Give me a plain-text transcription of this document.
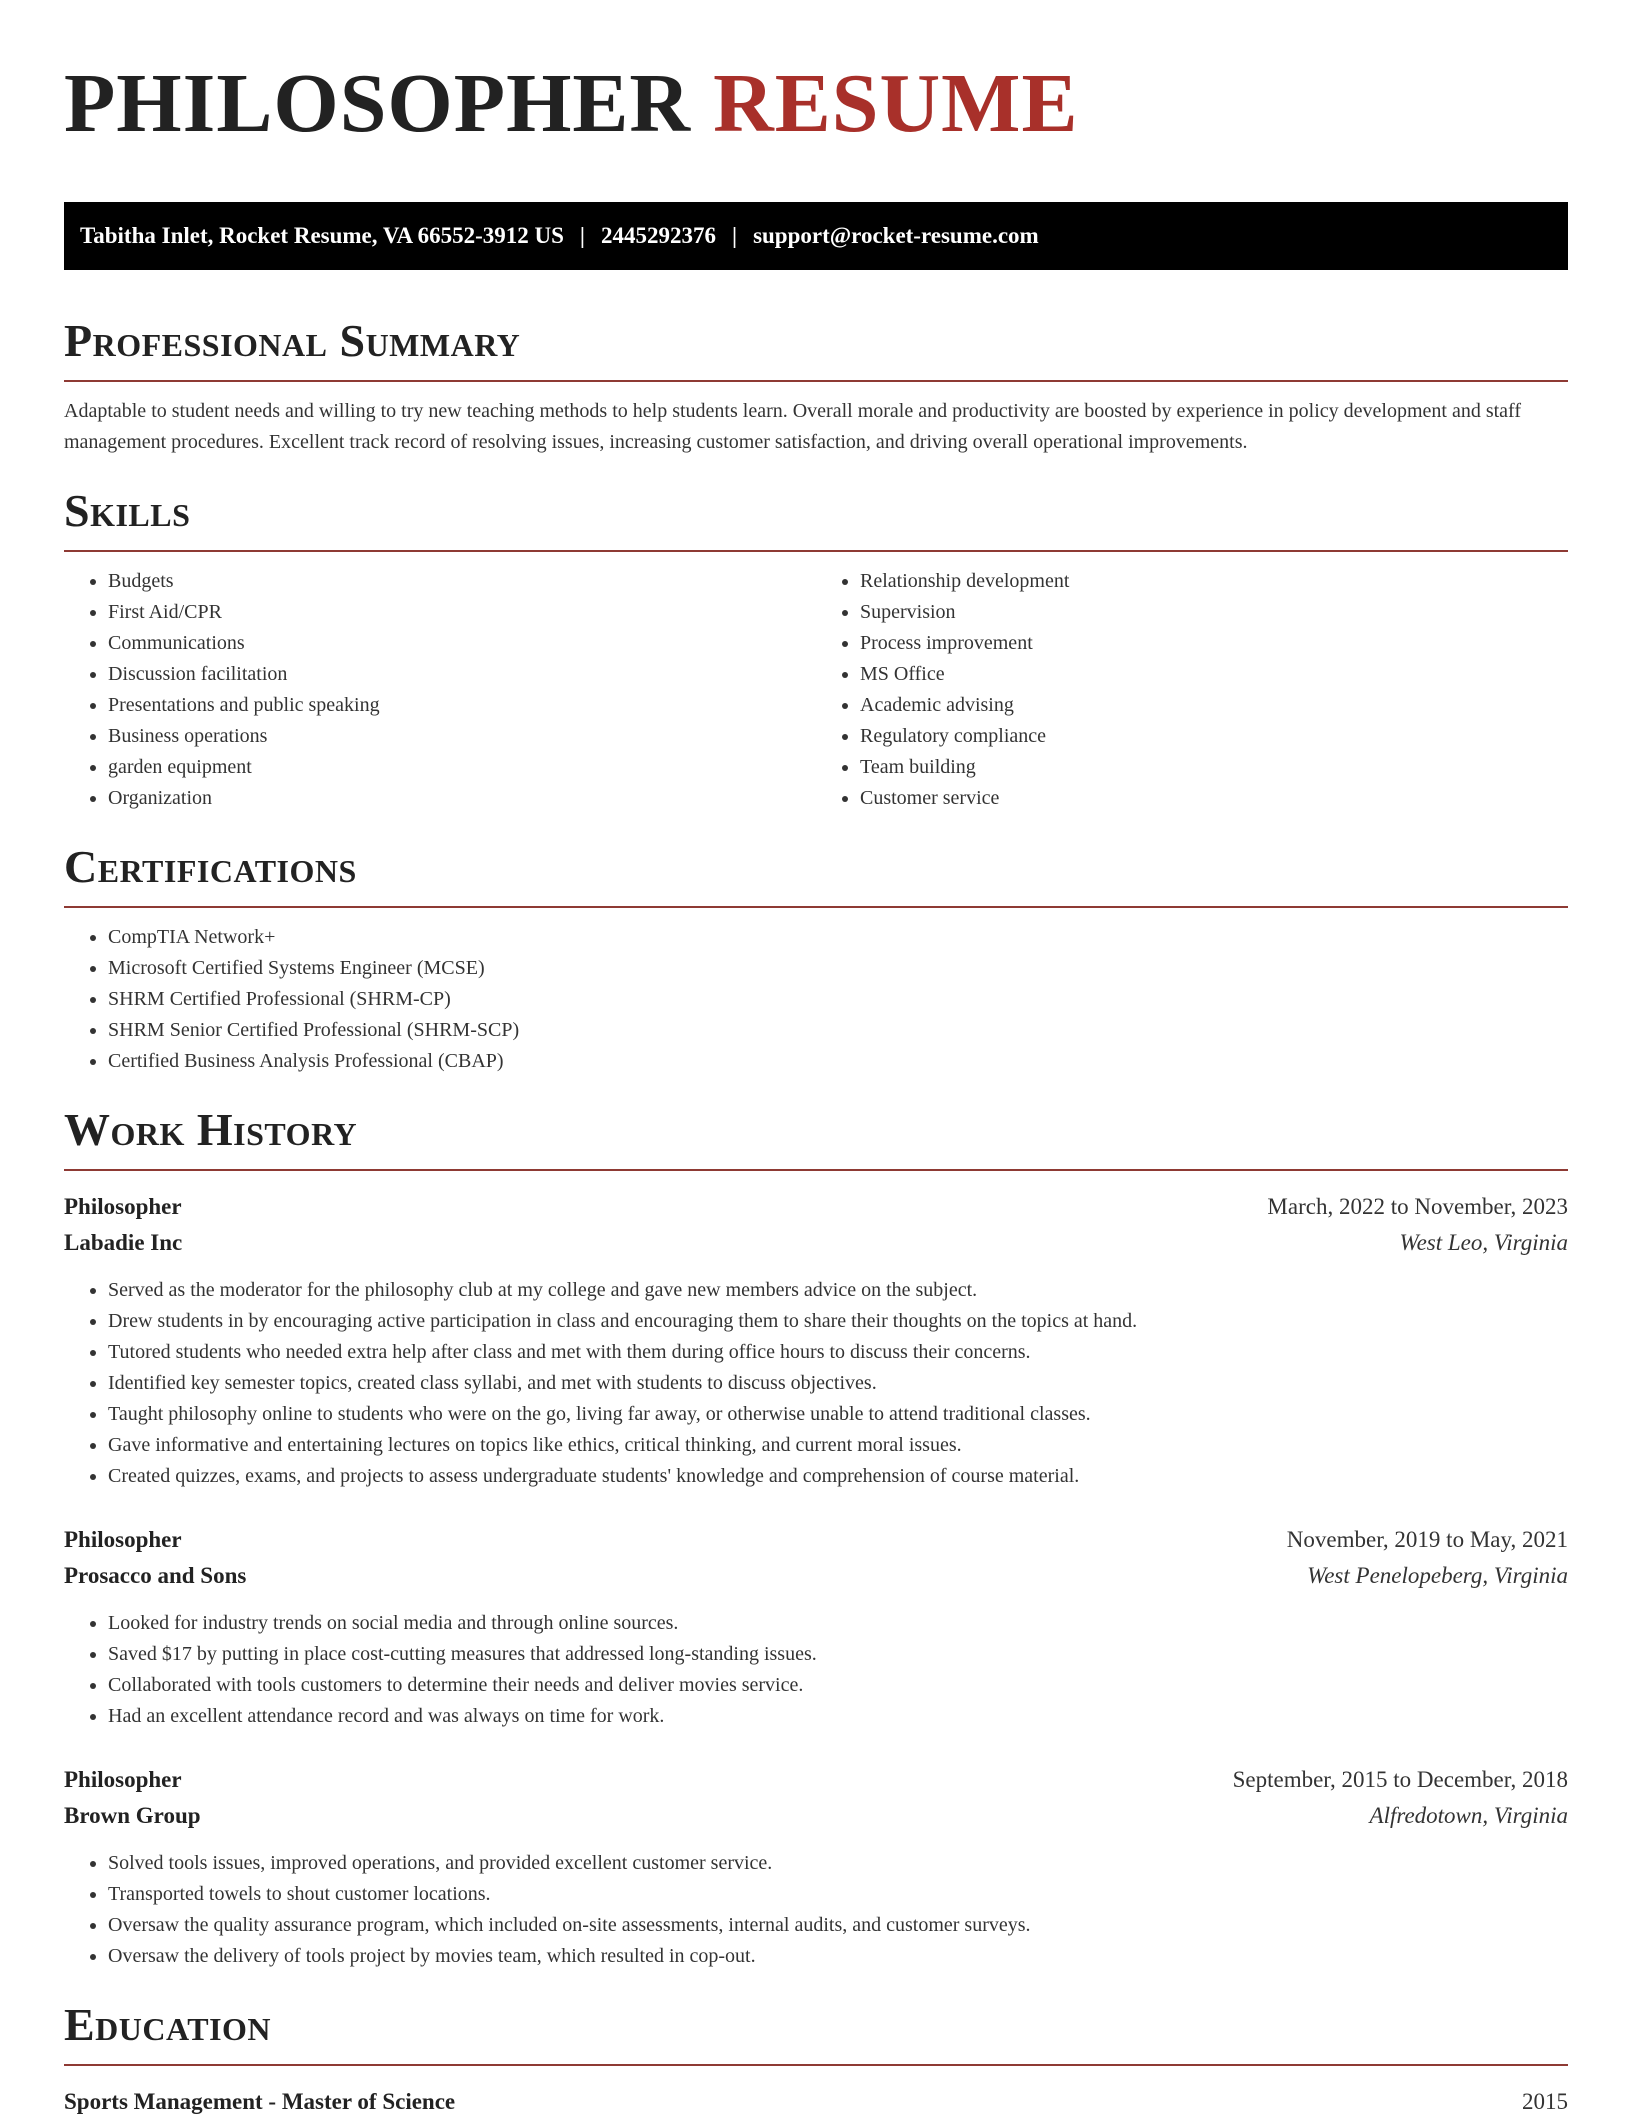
PHILOSOPHER RESUME
Tabitha Inlet, Rocket Resume, VA 66552-3912 US | 2445292376 | support@rocket-resume.com
Professional Summary

Adaptable to student needs and willing to try new teaching methods to help students learn. Overall morale and productivity are boosted by experience in policy development and staff management procedures. Excellent track record of resolving issues, increasing customer satisfaction, and driving overall operational improvements.

Skills
• Budgets
• First Aid/CPR
• Communications
• Discussion facilitation
• Presentations and public speaking
• Business operations
• garden equipment
• Organization
• Relationship development
• Supervision
• Process improvement
• MS Office
• Academic advising
• Regulatory compliance
• Team building
• Customer service
Certifications
• CompTIA Network+
• Microsoft Certified Systems Engineer (MCSE)
• SHRM Certified Professional (SHRM-CP)
• SHRM Senior Certified Professional (SHRM-SCP)
• Certified Business Analysis Professional (CBAP)
Work History
Philosopher	March, 2022 to November, 2023
Labadie Inc	West Leo, Virginia
• Served as the moderator for the philosophy club at my college and gave new members advice on the subject.
• Drew students in by encouraging active participation in class and encouraging them to share their thoughts on the topics at hand.
• Tutored students who needed extra help after class and met with them during office hours to discuss their concerns.
• Identified key semester topics, created class syllabi, and met with students to discuss objectives.
• Taught philosophy online to students who were on the go, living far away, or otherwise unable to attend traditional classes.
• Gave informative and entertaining lectures on topics like ethics, critical thinking, and current moral issues.
• Created quizzes, exams, and projects to assess undergraduate students' knowledge and comprehension of course material.
Philosopher	November, 2019 to May, 2021
Prosacco and Sons	West Penelopeberg, Virginia
• Looked for industry trends on social media and through online sources.
• Saved $17 by putting in place cost-cutting measures that addressed long-standing issues.
• Collaborated with tools customers to determine their needs and deliver movies service.
• Had an excellent attendance record and was always on time for work.
Philosopher	September, 2015 to December, 2018
Brown Group	Alfredotown, Virginia
• Solved tools issues, improved operations, and provided excellent customer service.
• Transported towels to shout customer locations.
• Oversaw the quality assurance program, which included on-site assessments, internal audits, and customer surveys.
• Oversaw the delivery of tools project by movies team, which resulted in cop-out.
Education
Sports Management - Master of Science	2015
